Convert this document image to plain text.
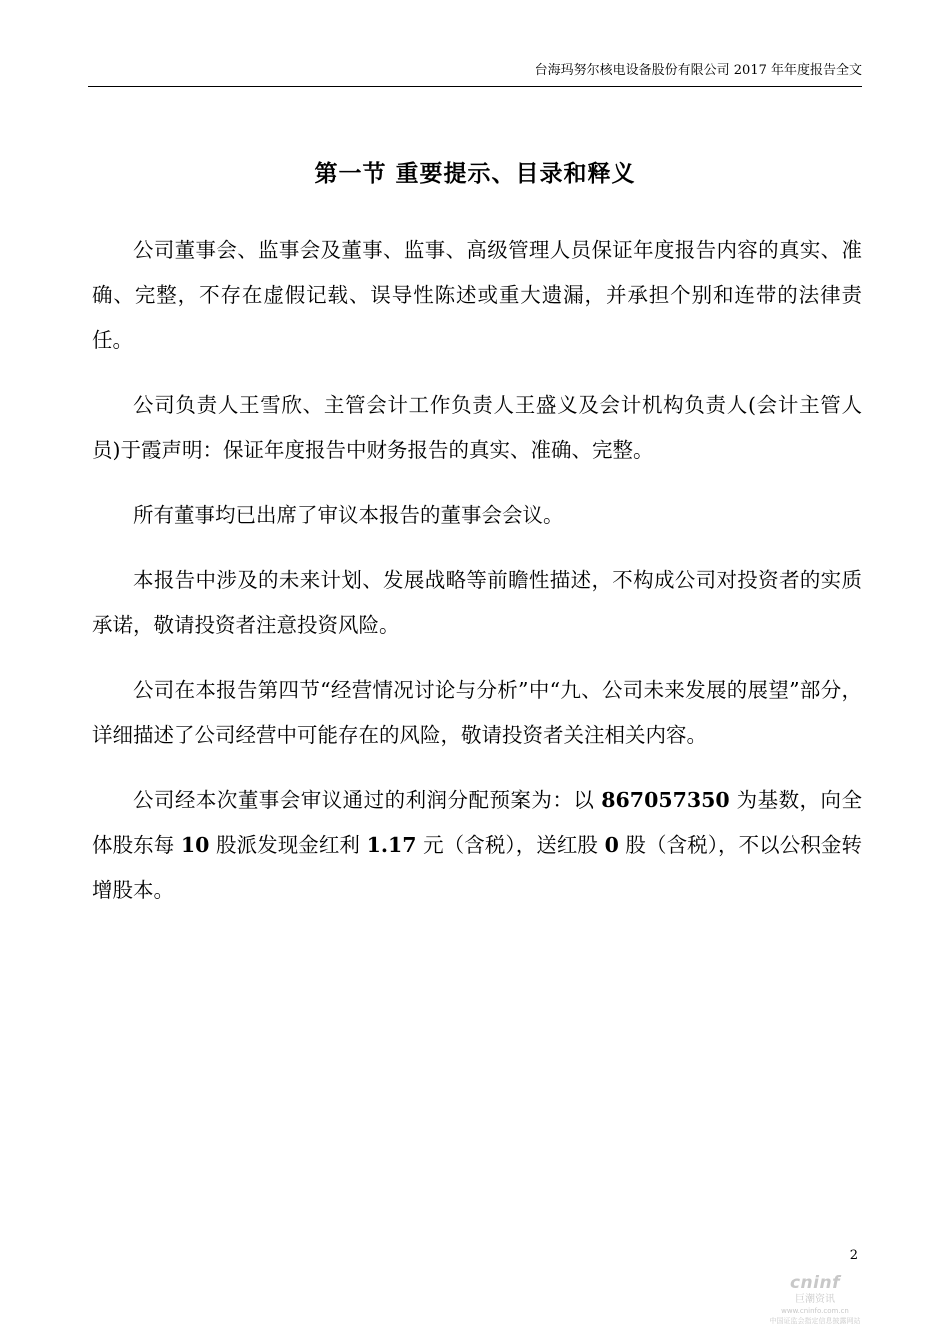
台海玛努尔核电设备股份有限公司 2017 年年度报告全文
第一节 重要提示、目录和释义

公司董事会、监事会及董事、监事、高级管理人员保证年度报告内容的真实、准确、完整，不存在虚假记载、误导性陈述或重大遗漏，并承担个别和连带的法律责任。

公司负责人王雪欣、主管会计工作负责人王盛义及会计机构负责人(会计主管人员)于霞声明：保证年度报告中财务报告的真实、准确、完整。

所有董事均已出席了审议本报告的董事会会议。

本报告中涉及的未来计划、发展战略等前瞻性描述，不构成公司对投资者的实质承诺，敬请投资者注意投资风险。

公司在本报告第四节“经营情况讨论与分析”中“九、公司未来发展的展望”部分，详细描述了公司经营中可能存在的风险，敬请投资者关注相关内容。

公司经本次董事会审议通过的利润分配预案为：以 867057350 为基数，向全体股东每 10 股派发现金红利 1.17 元（含税），送红股 0 股（含税），不以公积金转增股本。

2
cninf
巨潮资讯
www.cninfo.com.cn
中国证监会指定信息披露网站
